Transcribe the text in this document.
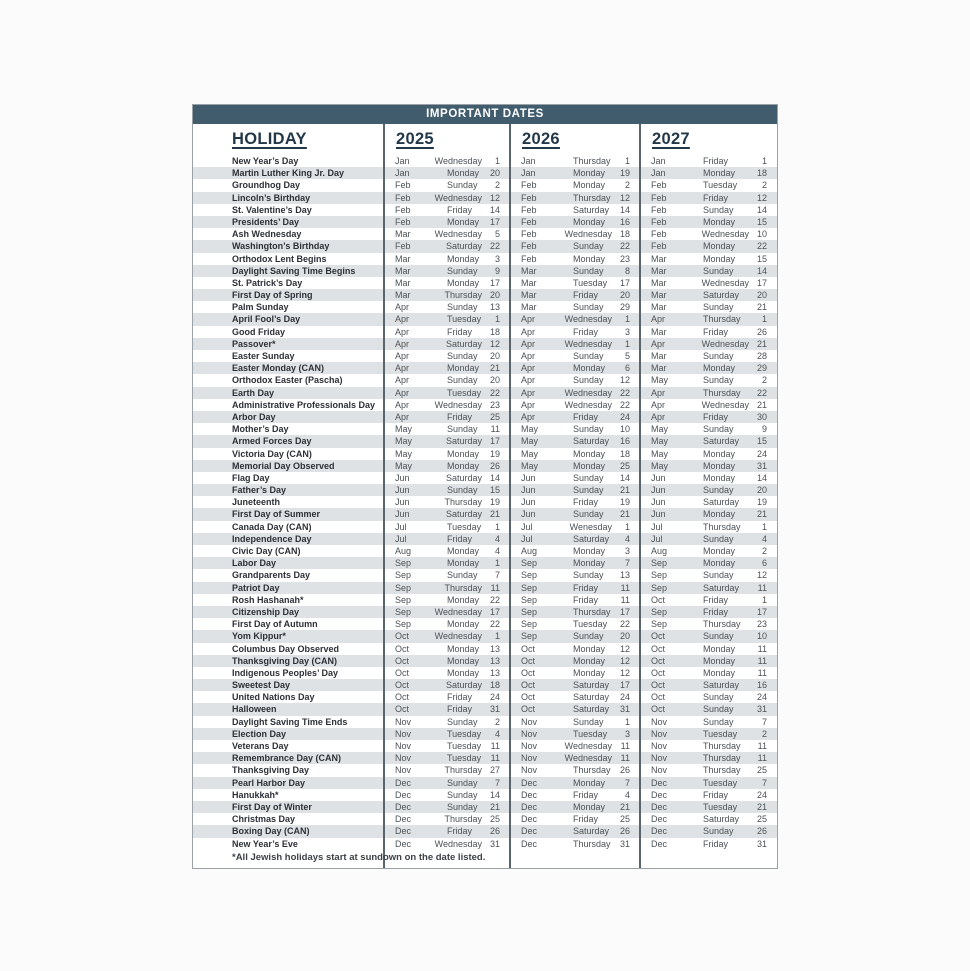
IMPORTANT DATES
HOLIDAY	2025	2026	2027
New Year’s Day	Jan	Wednesday	1	Jan	Thursday	1	Jan	Friday	1
Martin Luther King Jr. Day	Jan	Monday	20	Jan	Monday	19	Jan	Monday	18
Groundhog Day	Feb	Sunday	2	Feb	Monday	2	Feb	Tuesday	2
Lincoln’s Birthday	Feb	Wednesday 12	Feb	Thursday	12	Feb	Friday	12
St. Valentine’s Day	Feb	Friday	14	Feb	Saturday	14	Feb	Sunday	14
Presidents’ Day	Feb	Monday	17	Feb	Monday	16	Feb	Monday	15
Ash Wednesday	Mar	Wednesday	5	Feb	Wednesday 18	Feb	Wednesday 10
Washington’s Birthday	Feb	Saturday 22	Feb	Sunday	22	Feb	Monday	22
Orthodox Lent Begins	Mar	Monday	3	Feb	Monday	23	Mar	Monday	15
Daylight Saving Time Begins	Mar	Sunday	9	Mar	Sunday	8	Mar	Sunday	14
St. Patrick’s Day	Mar	Monday	17	Mar	Tuesday	17	Mar	Wednesday 17
First Day of Spring	Mar	Thursday 20	Mar	Friday	20	Mar	Saturday	20
Palm Sunday	Apr	Sunday	13	Mar	Sunday	29	Mar	Sunday	21
April Fool’s Day	Apr	Tuesday	1	Apr	Wednesday	1	Apr	Thursday	1
Good Friday	Apr	Friday	18	Apr	Friday	3	Mar	Friday	26
Passover*	Apr	Saturday 12	Apr	Wednesday	1	Apr	Wednesday 21
Easter Sunday	Apr	Sunday	20	Apr	Sunday	5	Mar	Sunday	28
Easter Monday (CAN)	Apr	Monday	21	Apr	Monday	6	Mar	Monday	29
Orthodox Easter (Pascha)	Apr	Sunday	20	Apr	Sunday	12	May	Sunday	2
Earth Day	Apr	Tuesday 22	Apr	Wednesday 22	Apr	Thursday	22
Administrative Professionals Day	Apr	Wednesday 23	Apr	Wednesday 22	Apr	Wednesday 21
Arbor Day	Apr	Friday	25	Apr	Friday	24	Apr	Friday	30
Mother’s Day	May	Sunday	11	May	Sunday	10	May	Sunday	9
Armed Forces Day	May	Saturday 17	May	Saturday	16	May	Saturday	15
Victoria Day (CAN)	May	Monday	19	May	Monday	18	May	Monday	24
Memorial Day Observed	May	Monday	26	May	Monday	25	May	Monday	31
Flag Day	Jun	Saturday 14	Jun	Sunday	14	Jun	Monday	14
Father’s Day	Jun	Sunday	15	Jun	Sunday	21	Jun	Sunday	20
Juneteenth	Jun	Thursday 19	Jun	Friday	19	Jun	Saturday	19
First Day of Summer	Jun	Saturday 21	Jun	Sunday	21	Jun	Monday	21
Canada Day (CAN)	Jul	Tuesday	1	Jul	Wenesday	1	Jul	Thursday	1
Independence Day	Jul	Friday	4	Jul	Saturday	4	Jul	Sunday	4
Civic Day (CAN)	Aug	Monday	4	Aug	Monday	3	Aug	Monday	2
Labor Day	Sep	Monday	1	Sep	Monday	7	Sep	Monday	6
Grandparents Day	Sep	Sunday	7	Sep	Sunday	13	Sep	Sunday	12
Patriot Day	Sep	Thursday 11	Sep	Friday	11	Sep	Saturday	11
Rosh Hashanah*	Sep	Monday	22	Sep	Friday	11	Oct	Friday	1
Citizenship Day	Sep	Wednesday 17	Sep	Thursday	17	Sep	Friday	17
First Day of Autumn	Sep	Monday	22	Sep	Tuesday	22	Sep	Thursday	23
Yom Kippur*	Oct	Wednesday	1	Sep	Sunday	20	Oct	Sunday	10
Columbus Day Observed	Oct	Monday	13	Oct	Monday	12	Oct	Monday	11
Thanksgiving Day (CAN)	Oct	Monday	13	Oct	Monday	12	Oct	Monday	11
Indigenous Peoples’ Day	Oct	Monday	13	Oct	Monday	12	Oct	Monday	11
Sweetest Day	Oct	Saturday 18	Oct	Saturday	17	Oct	Saturday	16
United Nations Day	Oct	Friday	24	Oct	Saturday	24	Oct	Sunday	24
Halloween	Oct	Friday	31	Oct	Saturday	31	Oct	Sunday	31
Daylight Saving Time Ends	Nov	Sunday	2	Nov	Sunday	1	Nov	Sunday	7
Election Day	Nov	Tuesday	4	Nov	Tuesday	3	Nov	Tuesday	2
Veterans Day	Nov	Tuesday	11	Nov	Wednesday 11	Nov	Thursday	11
Remembrance Day (CAN)	Nov	Tuesday	11	Nov	Wednesday 11	Nov	Thursday	11
Thanksgiving Day	Nov	Thursday 27	Nov	Thursday	26	Nov	Thursday	25
Pearl Harbor Day	Dec	Sunday	7	Dec	Monday	7	Dec	Tuesday	7
Hanukkah*	Dec	Sunday	14	Dec	Friday	4	Dec	Friday	24
First Day of Winter	Dec	Sunday	21	Dec	Monday	21	Dec	Tuesday	21
Christmas Day	Dec	Thursday 25	Dec	Friday	25	Dec	Saturday	25
Boxing Day (CAN)	Dec	Friday	26	Dec	Saturday	26	Dec	Sunday	26
New Year’s Eve	Dec	Wednesday 31	Dec	Thursday	31	Dec	Friday	31
*All Jewish holidays start at sundown on the date listed.
